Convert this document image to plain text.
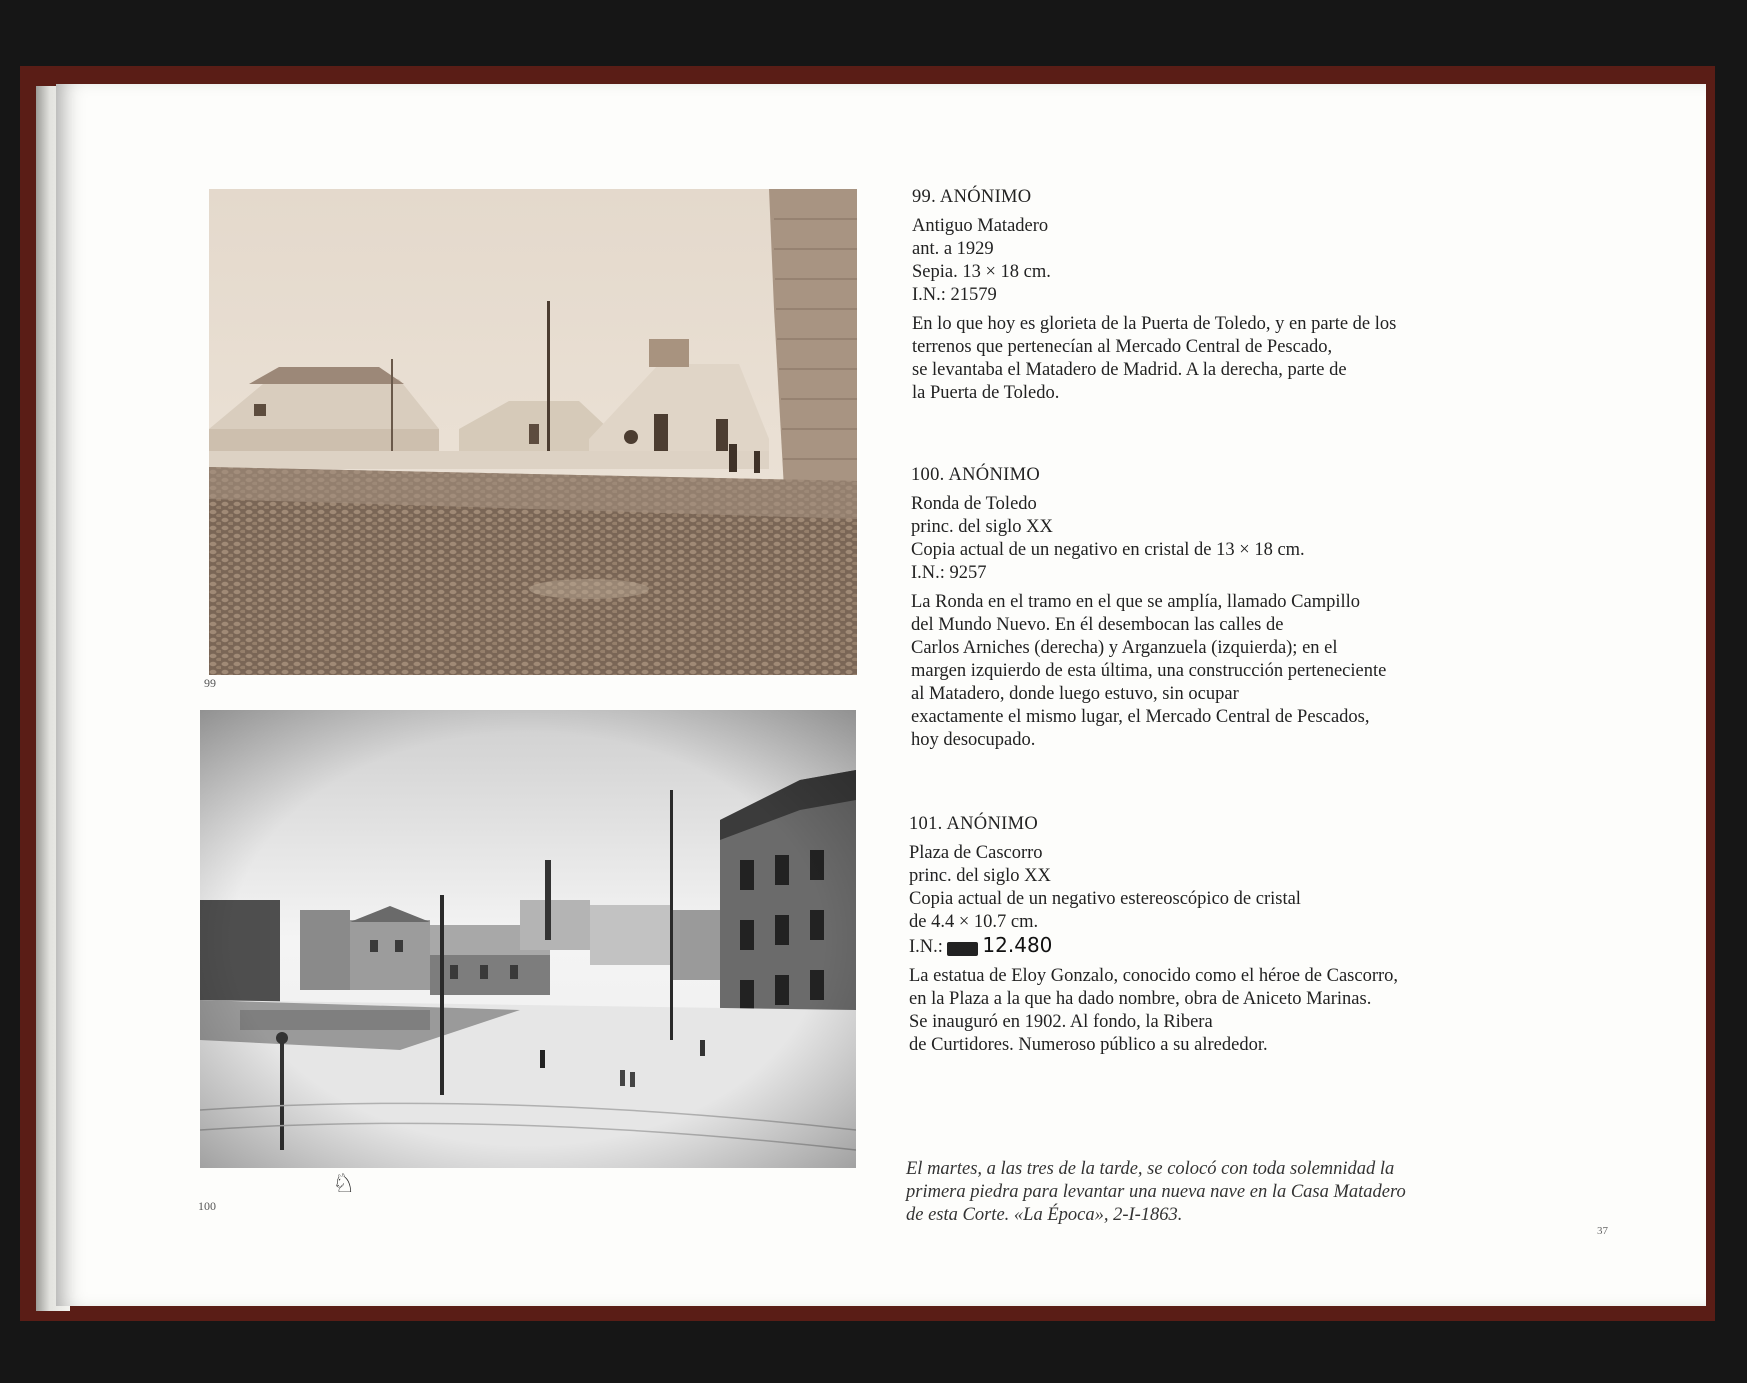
99
100
♘
99. ANÓNIMO
Antiguo Matadero
ant. a 1929
Sepia. 13 × 18 cm.
I.N.: 21579
En lo que hoy es glorieta de la Puerta de Toledo, y en parte de los
terrenos que pertenecían al Mercado Central de Pescado,
se levantaba el Matadero de Madrid. A la derecha, parte de
la Puerta de Toledo.
100. ANÓNIMO
Ronda de Toledo
princ. del siglo XX
Copia actual de un negativo en cristal de 13 × 18 cm.
I.N.: 9257
La Ronda en el tramo en el que se amplía, llamado Campillo
del Mundo Nuevo. En él desembocan las calles de
Carlos Arniches (derecha) y Arganzuela (izquierda); en el
margen izquierdo de esta última, una construcción perteneciente
al Matadero, donde luego estuvo, sin ocupar
exactamente el mismo lugar, el Mercado Central de Pescados,
hoy desocupado.
101. ANÓNIMO
Plaza de Cascorro
princ. del siglo XX
Copia actual de un negativo estereoscópico de cristal
de 4.4 × 10.7 cm.
I.N.: 18980 12.480
La estatua de Eloy Gonzalo, conocido como el héroe de Cascorro,
en la Plaza a la que ha dado nombre, obra de Aniceto Marinas.
Se inauguró en 1902. Al fondo, la Ribera
de Curtidores. Numeroso público a su alrededor.
El martes, a las tres de la tarde, se colocó con toda solemnidad la
primera piedra para levantar una nueva nave en la Casa Matadero
de esta Corte. «La Época», 2-I-1863.
37
